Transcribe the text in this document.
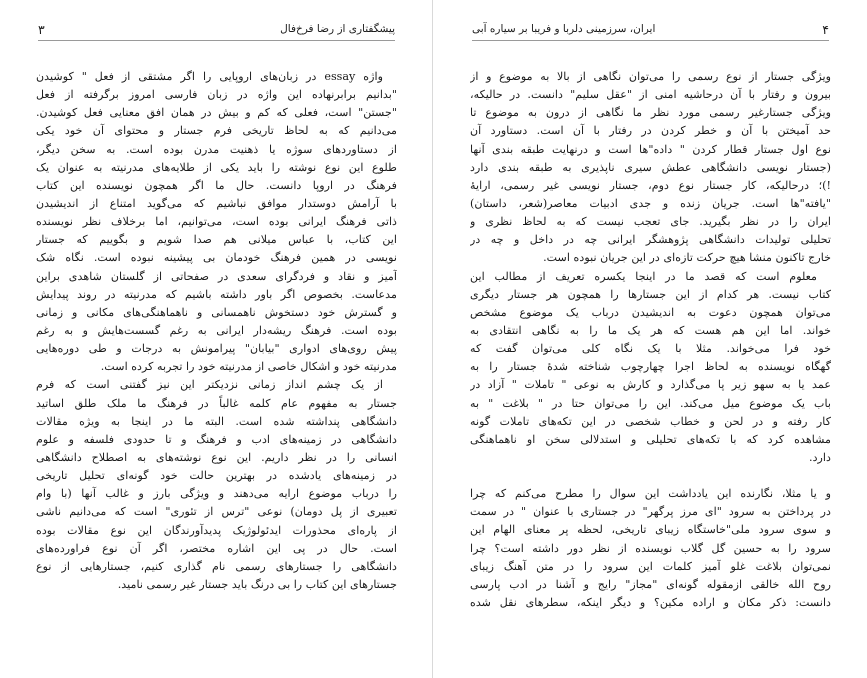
۳	پیشگفتاری از رضا فرخ‌فال
واژه essay در زبان‌های اروپایی را اگر مشتقی از فعل " کوشیدن
"بدانیم برابرنهاده این واژه در زبان فارسی امروز برگرفته از فعل
"جستن" است، فعلی که کم و بیش در همان افق معنایی فعل کوشیدن.
می‌دانیم که به لحاظ تاریخی فرم جستار و محتوای آن خود یکی
از دستاوردهای سوژه یا ذهنیت مدرن بوده است. به سخن دیگر،
طلوع این نوع نوشته را باید یکی از طلایه‌های مدرنیته به عنوان یک
فرهنگ در اروپا دانست. حال ما اگر همچون نویسنده این کتاب
با آرامش دوستدار موافق نباشیم که می‌گوید امتناع از اندیشیدن
ذاتی فرهنگ ایرانی بوده است، می‌توانیم، اما برخلاف نظر نویسنده
این کتاب، با عباس میلانی هم صدا شویم و بگوییم که جستار
نویسی در همین فرهنگ خودمان بی پیشینه نبوده است. نگاه شک
آمیز و نقاد و فردگرای سعدی در صفحاتی از گلستان شاهدی براین
مدعاست. بخصوص اگر باور داشته باشیم که مدرنیته در روند پیدایش
و گسترش خود دستخوش ناهمسانی و ناهماهنگی‌های مکانی و زمانی
بوده است. فرهنگ ریشه‌دار ایرانی به رغم گسست‌هایش و به رغم
پیش روی‌های ادواری "بیابان" پیرامونش به درجات و طی دوره‌هایی
مدرنیته خود و اشکال خاصی از مدرنیته خود را تجربه کرده است.
از یک چشم انداز زمانی نزدیکتر این نیز گفتنی است که فرم
جستار به مفهوم عام کلمه غالباً در فرهنگ ما ملک طلق اساتید
دانشگاهی پنداشته شده است. البته ما در اینجا به ویژه مقالات
دانشگاهی در زمینه‌های ادب و فرهنگ و تا حدودی فلسفه و علوم
انسانی را در نظر داریم. این نوع نوشته‌های به اصطلاح دانشگاهی
در زمینه‌های یادشده در بهترین حالت خود گونه‌ای تحلیل تاریخی
را درباب موضوع ارایه می‌دهند و ویژگی بارز و غالب آنها (با وام
تعبیری از پل دومان) نوعی "ترس از تئوری" است که می‌دانیم ناشی
از پاره‌ای محذورات ایدئولوژیک پدیدآورندگان این نوع مقالات بوده
است. حال در پی این اشاره مختصر، اگر آن نوع فراورده‌های
دانشگاهی را جستارهای رسمی نام گذاری کنیم، جستارهایی از نوع
جستارهای این کتاب را بی درنگ باید جستار غیر رسمی نامید.
۴
ایران، سرزمینی دلربا و فریبا بر سیاره آبی
ویژگی جستار از نوع رسمی را می‌توان نگاهی از بالا به موضوع و از
بیرون و رفتار با آن درحاشیه امنی از "عقل سلیم" دانست. در حالیکه،
ویژگی جستارغیر رسمی مورد نظر ما نگاهی از درون به موضوع تا
حد آمیختن با آن و خطر کردن در رفتار با آن است. دستاورد آن
نوع اول جستار قطار کردن " داده"ها است و درنهایت طبقه بندی آنها
(جستار نویسی دانشگاهی عطش سیری ناپذیری به طبقه بندی دارد
!)؛ درحالیکه، کار جستار نوع دوم، جستار نویسی غیر رسمی، ارایهٔ
"یافته"ها است. جریان زنده و جدی ادبیات معاصر(شعر، داستان)
ایران را در نظر بگیرید. جای تعجب نیست که به لحاظ نظری و
تحلیلی تولیدات دانشگاهی پژوهشگر ایرانی چه در داخل و چه در
خارج تاکنون منشا هیچ حرکت تازه‌ای در این جریان نبوده است.
معلوم است که قصد ما در اینجا یکسره تعریف از مطالب این
کتاب نیست. هر کدام از این جستارها را همچون هر جستار دیگری
می‌توان همچون دعوت به اندیشیدن درباب یک موضوع مشخص
خواند. اما این هم هست که هر یک ما را به نگاهی انتقادی به
خود فرا می‌خواند. مثلا با یک نگاه کلی می‌توان گفت که
گهگاه نویسنده به لحاظ اجرا چهارچوب شناخته شدهٔ جستار را به
عمد یا به سهو زیر پا می‌گذارد و کارش به نوعی " تاملات " آزاد در
باب یک موضوع میل می‌کند. این را می‌توان حتا در " بلاغت " به
کار رفته و در لحن و خطاب شخصی در این تکه‌های تاملات گونه
مشاهده کرد که با تکه‌های تحلیلی و استدلالی سخن او ناهماهنگی
دارد.
و یا مثلا، نگارنده این یادداشت این سوال را مطرح می‌کنم که چرا
در پرداختن به سرود "ای مرز پرگهر" در جستاری با عنوان " در سمت
و سوی سرود ملی"خاستگاه زیبای تاریخی، لحظه پر معنای الهام این
سرود را به حسین گل گلاب نویسنده از نظر دور داشته است؟ چرا
نمی‌توان بلاغت غلو آمیز کلمات این سرود را در متن آهنگ زیبای
روح الله خالقی ازمقوله گونه‌ای "مجاز" رایج و آشنا در ادب پارسی
دانست: ذکر مکان و اراده مکین؟ و دیگر اینکه، سطرهای نقل شده
